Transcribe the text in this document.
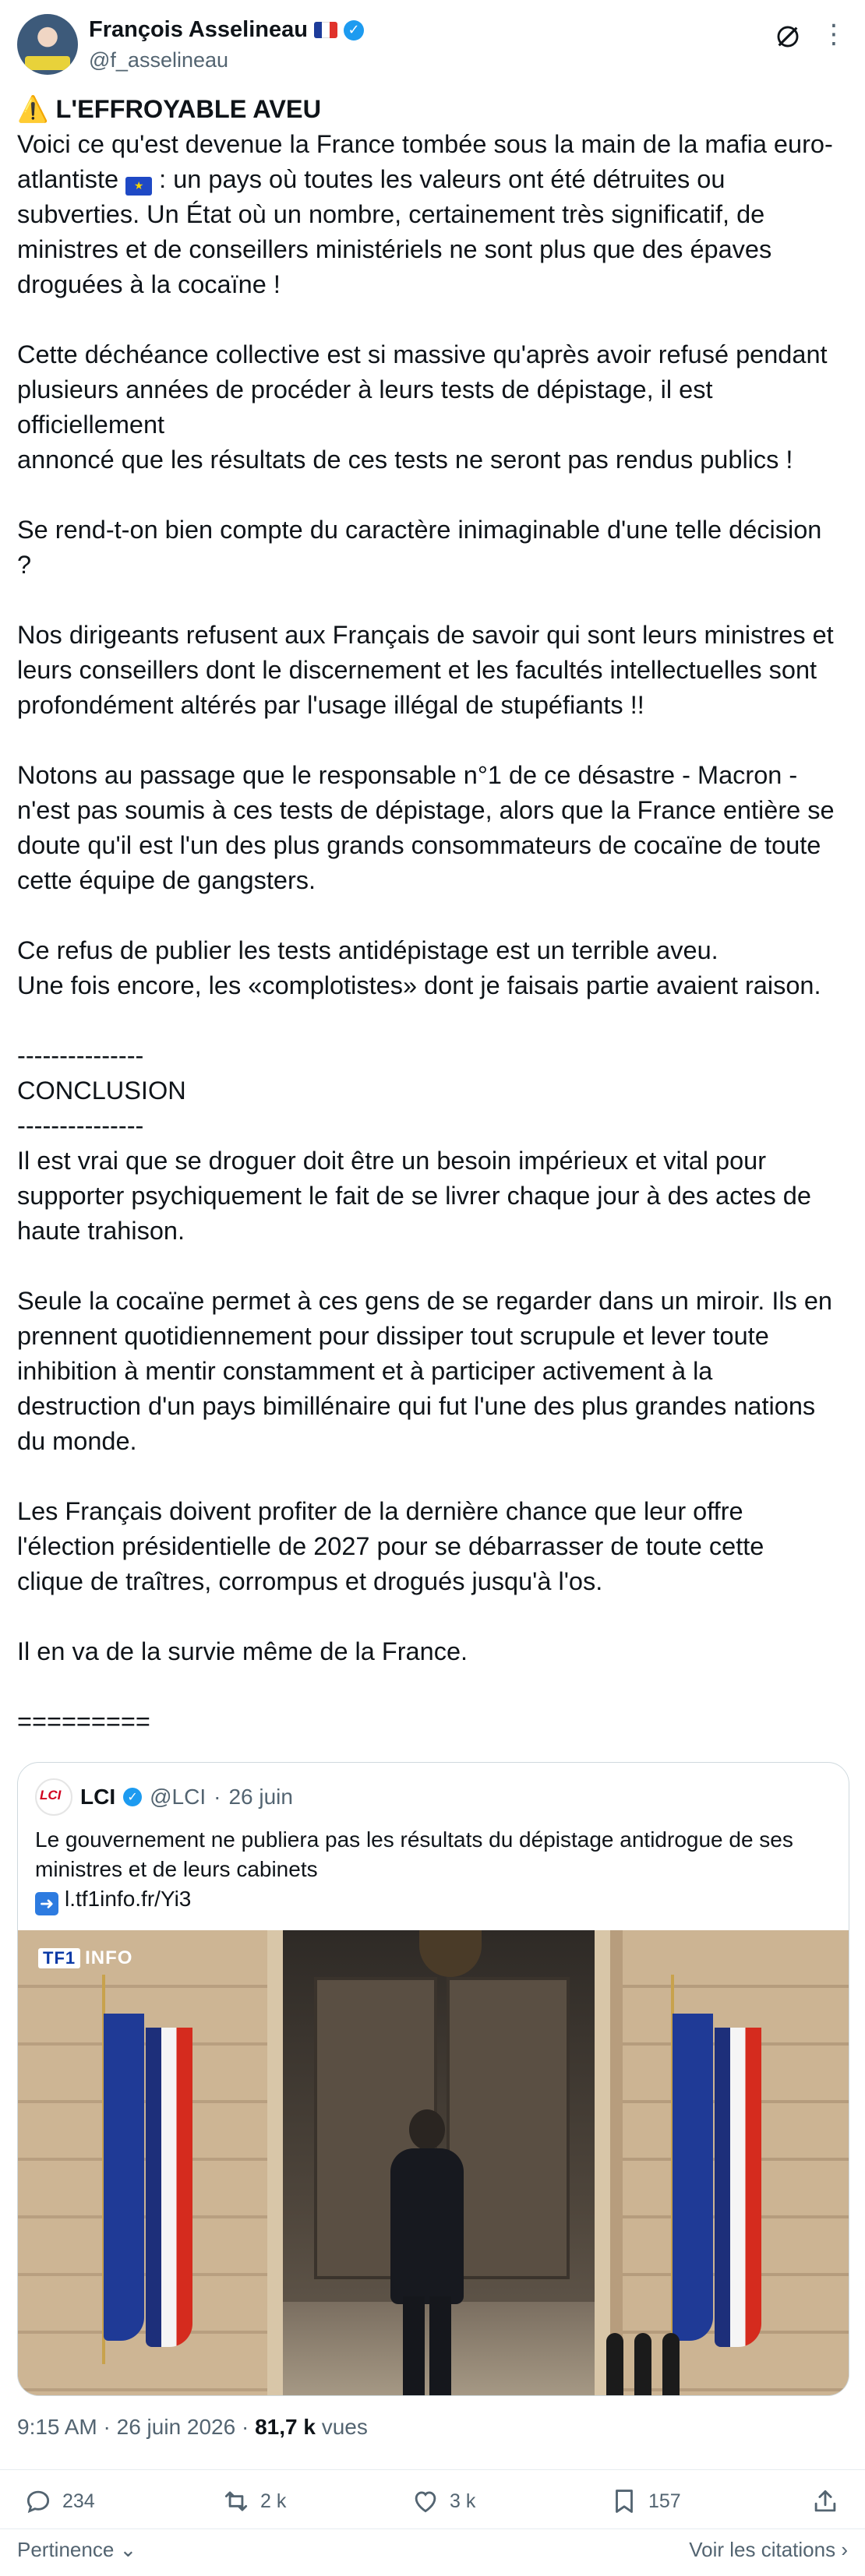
François Asselineau	✓
@f_asselineau
⋮

⚠️ L'EFFROYABLE AVEU

Voici ce qu'est devenue la France tombée sous la main de la mafia euro-
atlantiste ★ : un pays où toutes les valeurs ont été détruites ou
subverties. Un État où un nombre, certainement très significatif, de
ministres et de conseillers ministériels ne sont plus que des épaves
droguées à la cocaïne !

Cette déchéance collective est si massive qu'après avoir refusé pendant
plusieurs années de procéder à leurs tests de dépistage, il est
officiellement
annoncé que les résultats de ces tests ne seront pas rendus publics !

Se rend-t-on bien compte du caractère inimaginable d'une telle décision
?

Nos dirigeants refusent aux Français de savoir qui sont leurs ministres et
leurs conseillers dont le discernement et les facultés intellectuelles sont
profondément altérés par l'usage illégal de stupéfiants !!

Notons au passage que le responsable n°1 de ce désastre - Macron -
n'est pas soumis à ces tests de dépistage, alors que la France entière se
doute qu'il est l'un des plus grands consommateurs de cocaïne de toute
cette équipe de gangsters.

Ce refus de publier les tests antidépistage est un terrible aveu.
Une fois encore, les «complotistes» dont je faisais partie avaient raison.

---------------
CONCLUSION
---------------
Il est vrai que se droguer doit être un besoin impérieux et vital pour
supporter psychiquement le fait de se livrer chaque jour à des actes de
haute trahison.

Seule la cocaïne permet à ces gens de se regarder dans un miroir. Ils en
prennent quotidiennement pour dissiper tout scrupule et lever toute
inhibition à mentir constamment et à participer activement à la
destruction d'un pays bimillénaire qui fut l'une des plus grandes nations
du monde.

Les Français doivent profiter de la dernière chance que leur offre
l'élection présidentielle de 2027 pour se débarrasser de toute cette
clique de traîtres, corrompus et drogués jusqu'à l'os.

Il en va de la survie même de la France.

=========

LCI LCI ✓ @LCI · 26 juin

Le gouvernement ne publiera pas les résultats du dépistage antidrogue de ses

ministres et de leurs cabinets

➜ l.tf1info.fr/Yi3

TF1 INFO
9:15 AM · 26 juin 2026 · 81,7 k vues
234	2 k	3 k	157
Pertinence ⌄	Voir les citations ›
